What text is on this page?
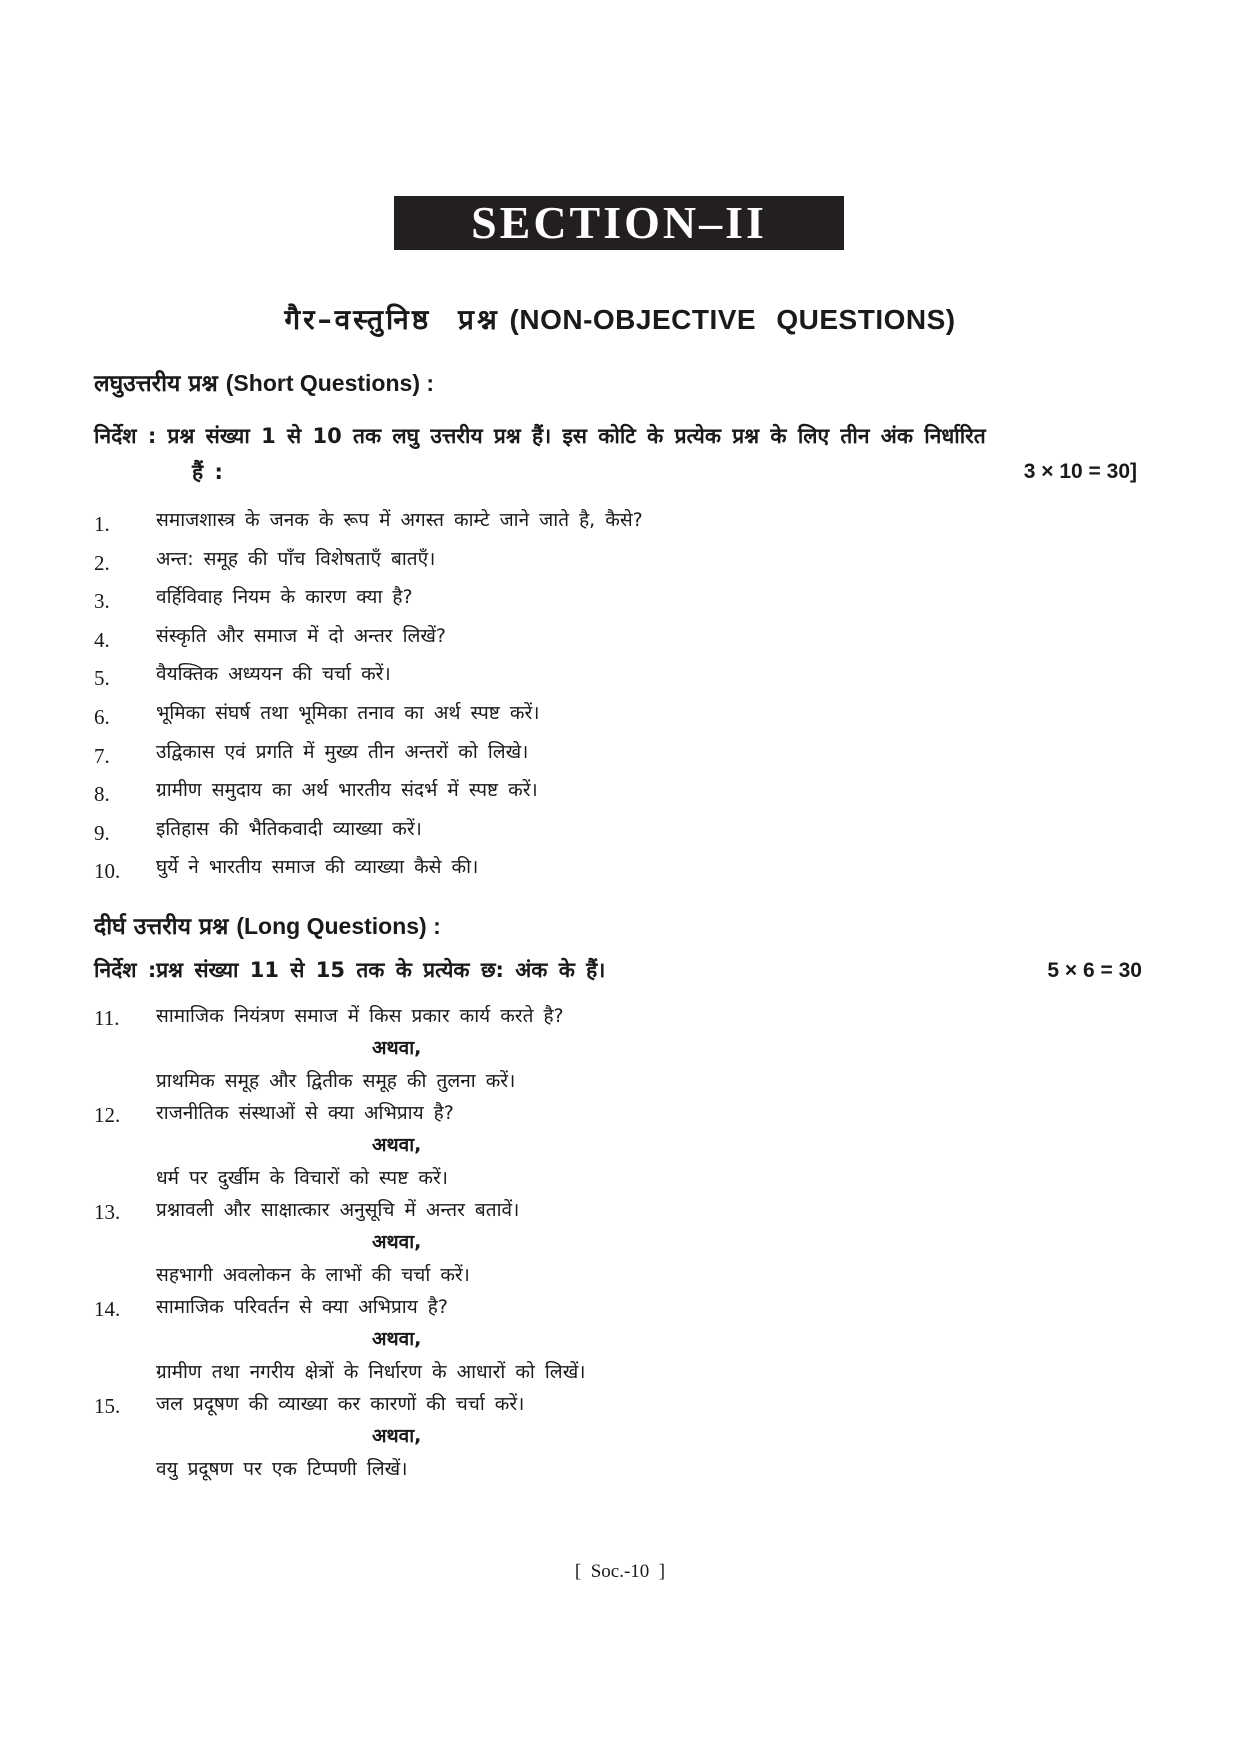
SECTION–II
गैर–वस्तुनिष्ठ प्रश्न (NON-OBJECTIVE QUESTIONS)
लघुउत्तरीय प्रश्न (Short Questions) :
निर्देश : प्रश्न संख्या 1 से 10 तक लघु उत्तरीय प्रश्न हैं। इस कोटि के प्रत्येक प्रश्न के लिए तीन अंक निर्धारित
हैं :	3 × 10 = 30]
1. समाजशास्त्र के जनक के रूप में अगस्त काम्टे जाने जाते है, कैसे?
2. अन्त: समूह की पाँच विशेषताएँ बातएँ।
3. वर्हिविवाह नियम के कारण क्या है?
4. संस्कृति और समाज में दो अन्तर लिखें?
5. वैयक्तिक अध्ययन की चर्चा करें।
6. भूमिका संघर्ष तथा भूमिका तनाव का अर्थ स्पष्ट करें।
7. उद्विकास एवं प्रगति में मुख्य तीन अन्तरों को लिखे।
8. ग्रामीण समुदाय का अर्थ भारतीय संदर्भ में स्पष्ट करें।
9. इतिहास की भैतिकवादी व्याख्या करें।
10. घुर्ये ने भारतीय समाज की व्याख्या कैसे की।
दीर्घ उत्तरीय प्रश्न (Long Questions) :
निर्देश :प्रश्न संख्या 11 से 15 तक के प्रत्येक छ: अंक के हैं।	5 × 6 = 30
11. सामाजिक नियंत्रण समाज में किस प्रकार कार्य करते है?
अथवा,
प्राथमिक समूह और द्वितीक समूह की तुलना करें।
12. राजनीतिक संस्थाओं से क्या अभिप्राय है?
अथवा,
धर्म पर दुर्खीम के विचारों को स्पष्ट करें।
13. प्रश्नावली और साक्षात्कार अनुसूचि में अन्तर बतावें।
अथवा,
सहभागी अवलोकन के लाभों की चर्चा करें।
14. सामाजिक परिवर्तन से क्या अभिप्राय है?
अथवा,
ग्रामीण तथा नगरीय क्षेत्रों के निर्धारण के आधारों को लिखें।
15. जल प्रदूषण की व्याख्या कर कारणों की चर्चा करें।
अथवा,
वयु प्रदूषण पर एक टिप्पणी लिखें।
[  Soc.-10  ]
